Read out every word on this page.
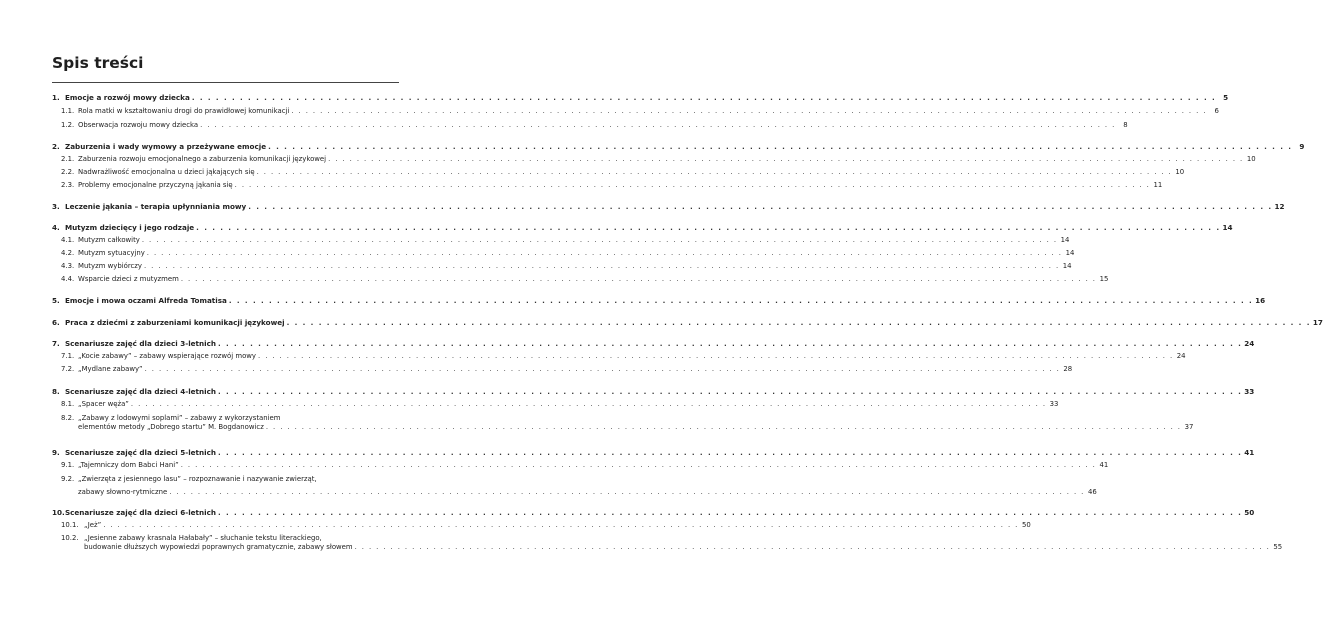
Spis treści
1. Emocje a rozwój mowy dziecka . . .	5
1.1. Rola matki w kształtowaniu drogi do prawidłowej komunikacji . . .	6
1.2. Obserwacja rozwoju mowy dziecka . . .	8
2. Zaburzenia i wady wymowy a przeżywane emocje . . .	9
2.1. Zaburzenia rozwoju emocjonalnego a zaburzenia komunikacji językowej . . .	10
2.2. Nadwrażliwość emocjonalna u dzieci jąkających się . . .	10
2.3. Problemy emocjonalne przyczyną jąkania się . . .	11
3. Leczenie jąkania – terapia upłynniania mowy . . .	12
4. Mutyzm dziecięcy i jego rodzaje . . .	14
4.1. Mutyzm całkowity . . .	14
4.2. Mutyzm sytuacyjny . . .	14
4.3. Mutyzm wybiórczy . . .	14
4.4. Wsparcie dzieci z mutyzmem . . .	15
5. Emocje i mowa oczami Alfreda Tomatisa . . .	16
6. Praca z dziećmi z zaburzeniami komunikacji językowej . . .	17
7. Scenariusze zajęć dla dzieci 3-letnich . . .	24
7.1. „Kocie zabawy” – zabawy wspierające rozwój mowy . . .	24
7.2. „Mydlane zabawy” . . .	28
8. Scenariusze zajęć dla dzieci 4-letnich . . .	33
8.1. „Spacer węża” . . .	33
8.2. „Zabawy z lodowymi soplami” – zabawy z wykorzystaniem
elementów metody „Dobrego startu” M. Bogdanowicz . . .	37
9. Scenariusze zajęć dla dzieci 5-letnich . . .	41
9.1. „Tajemniczy dom Babci Hani” . . .	41
9.2. „Zwierzęta z jesiennego lasu” – rozpoznawanie i nazywanie zwierząt,
zabawy słowno-rytmiczne . . .	46
10. Scenariusze zajęć dla dzieci 6-letnich . . .	50
10.1. „Jeż” . . .	50
10.2. „Jesienne zabawy krasnala Hałabały” – słuchanie tekstu literackiego,
budowanie dłuższych wypowiedzi poprawnych gramatycznie, zabawy słowem . . .	55
